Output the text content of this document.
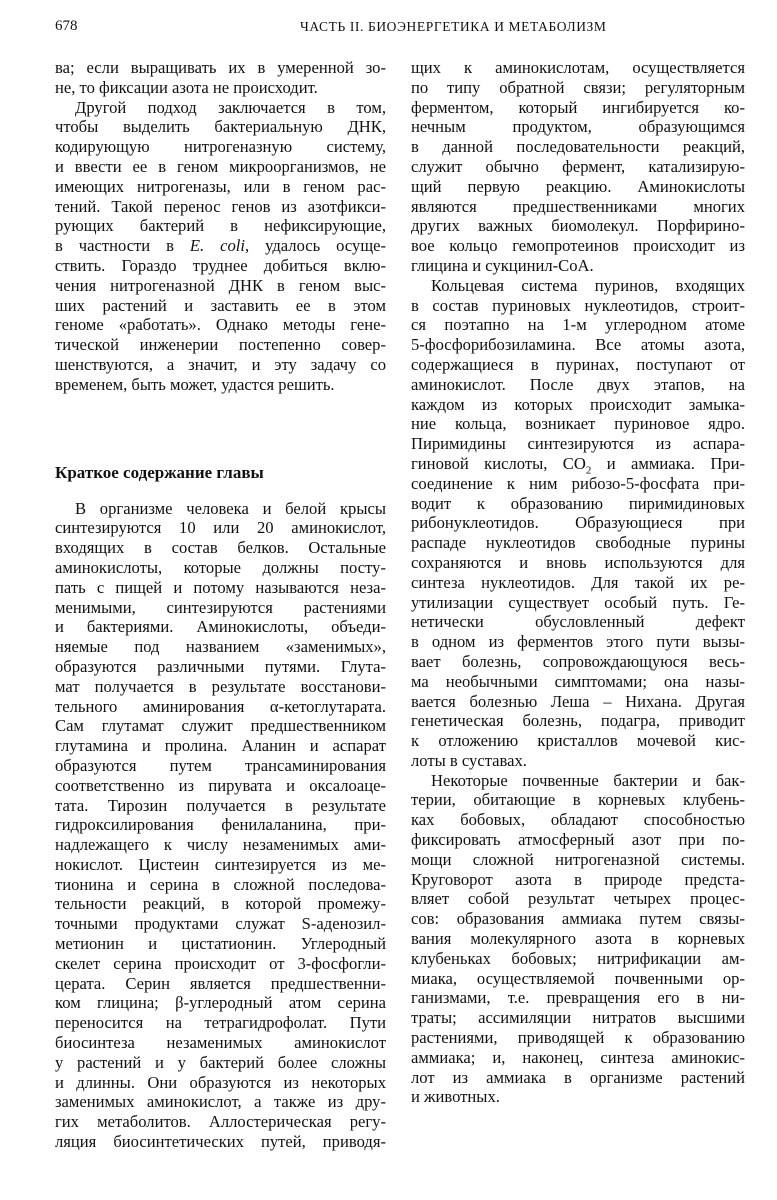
678	ЧАСТЬ II. БИОЭНЕРГЕТИКА И МЕТАБОЛИЗМ
ва; если выращивать их в умеренной зо-
не, то фиксации азота не происходит.
Другой подход заключается в том,
чтобы выделить бактериальную ДНК,
кодирующую нитрогеназную систему,
и ввести ее в геном микроорганизмов, не
имеющих нитрогеназы, или в геном рас-
тений. Такой перенос генов из азотфикси-
рующих бактерий в нефиксирующие,
в частности в E. coli, удалось осуще-
ствить. Гораздо труднее добиться вклю-
чения нитрогеназной ДНК в геном выс-
ших растений и заставить ее в этом
геноме «работать». Однако методы гене-
тической инженерии постепенно совер-
шенствуются, а значит, и эту задачу со
временем, быть может, удастся решить.
Краткое содержание главы
В организме человека и белой крысы
синтезируются 10 или 20 аминокислот,
входящих в состав белков. Остальные
аминокислоты, которые должны посту-
пать с пищей и потому называются неза-
менимыми, синтезируются растениями
и бактериями. Аминокислоты, объеди-
няемые под названием «заменимых»,
образуются различными путями. Глута-
мат получается в результате восстанови-
тельного аминирования α-кетоглутарата.
Сам глутамат служит предшественником
глутамина и пролина. Аланин и аспарат
образуются путем трансаминирования
соответственно из пирувата и оксалоаце-
тата. Тирозин получается в результате
гидроксилирования фенилаланина, при-
надлежащего к числу незаменимых ами-
нокислот. Цистеин синтезируется из ме-
тионина и серина в сложной последова-
тельности реакций, в которой промежу-
точными продуктами служат S-аденозил-
метионин и цистатионин. Углеродный
скелет серина происходит от 3-фосфогли-
церата. Серин является предшественни-
ком глицина; β-углеродный атом серина
переносится на тетрагидрофолат. Пути
биосинтеза незаменимых аминокислот
у растений и у бактерий более сложны
и длинны. Они образуются из некоторых
заменимых аминокислот, а также из дру-
гих метаболитов. Аллостерическая регу-
ляция биосинтетических путей, приводя-
щих к аминокислотам, осуществляется
по типу обратной связи; регуляторным
ферментом, который ингибируется ко-
нечным продуктом, образующимся
в данной последовательности реакций,
служит обычно фермент, катализирую-
щий первую реакцию. Аминокислоты
являются предшественниками многих
других важных биомолекул. Порфирино-
вое кольцо гемопротеинов происходит из
глицина и сукцинил-СоА.
Кольцевая система пуринов, входящих
в состав пуриновых нуклеотидов, строит-
ся поэтапно на 1-м углеродном атоме
5-фосфорибозиламина. Все атомы азота,
содержащиеся в пуринах, поступают от
аминокислот. После двух этапов, на
каждом из которых происходит замыка-
ние кольца, возникает пуриновое ядро.
Пиримидины синтезируются из аспара-
гиновой кислоты, $CO_2$ и аммиака. При-
соединение к ним рибозо-5-фосфата при-
водит к образованию пиримидиновых
рибонуклеотидов. Образующиеся при
распаде нуклеотидов свободные пурины
сохраняются и вновь используются для
синтеза нуклеотидов. Для такой их ре-
утилизации существует особый путь. Ге-
нетически обусловленный дефект
в одном из ферментов этого пути вызы-
вает болезнь, сопровождающуюся весь-
ма необычными симптомами; она назы-
вается болезнью Леша – Нихана. Другая
генетическая болезнь, подагра, приводит
к отложению кристаллов мочевой кис-
лоты в суставах.
Некоторые почвенные бактерии и бак-
терии, обитающие в корневых клубень-
ках бобовых, обладают способностью
фиксировать атмосферный азот при по-
мощи сложной нитрогеназной системы.
Круговорот азота в природе предста-
вляет собой результат четырех процес-
сов: образования аммиака путем связы-
вания молекулярного азота в корневых
клубеньках бобовых; нитрификации ам-
миака, осуществляемой почвенными ор-
ганизмами, т.е. превращения его в ни-
траты; ассимиляции нитратов высшими
растениями, приводящей к образованию
аммиака; и, наконец, синтеза аминокис-
лот из аммиака в организме растений
и животных.
